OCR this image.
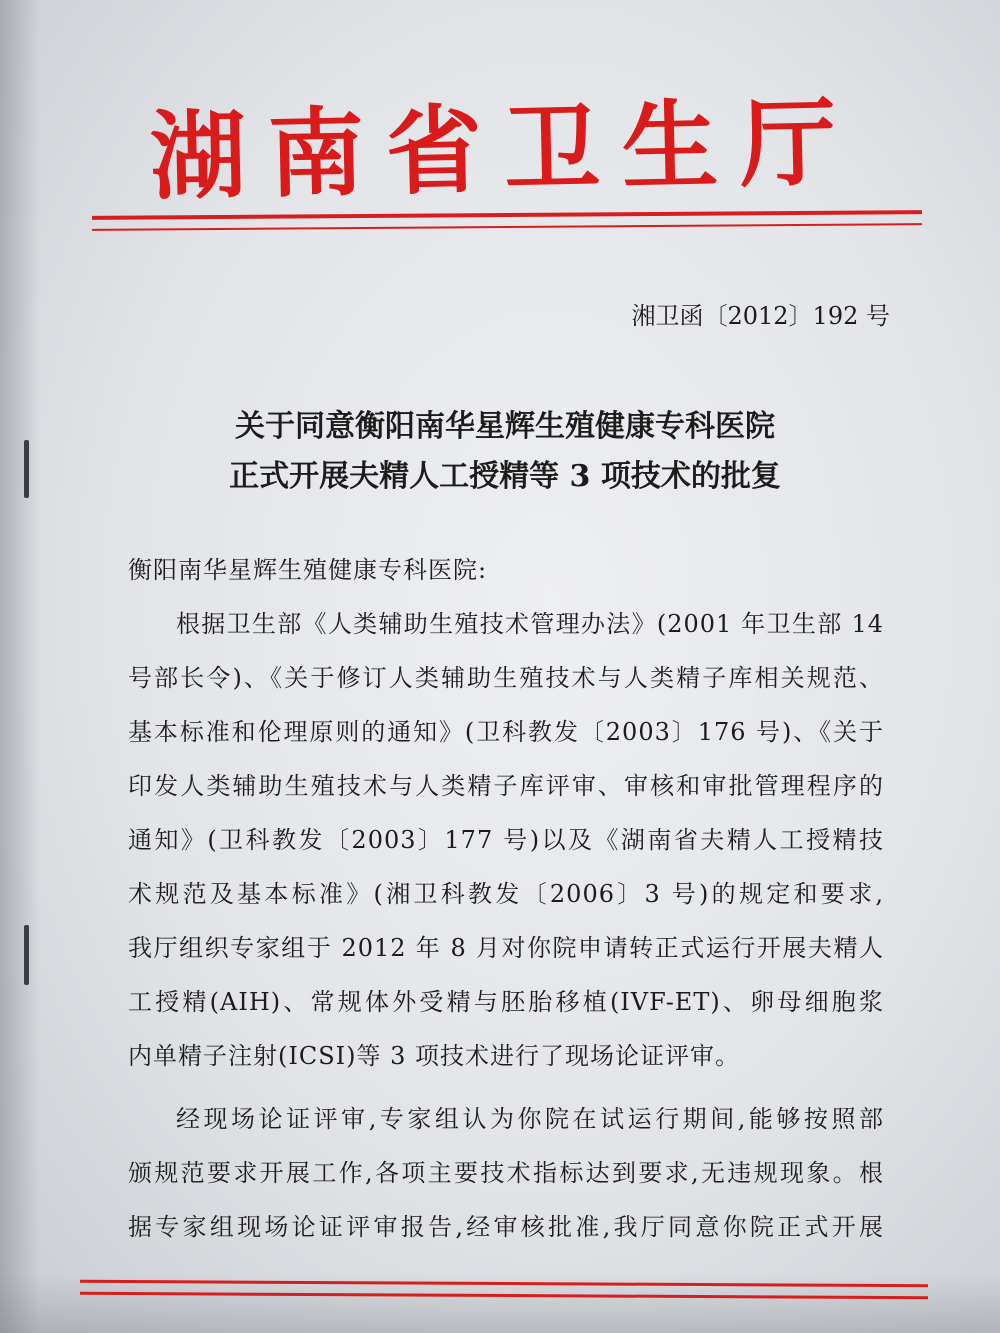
湖南省卫生厅
湘卫函〔2012〕192 号
关于同意衡阳南华星辉生殖健康专科医院
正式开展夫精人工授精等 3 项技术的批复
衡阳南华星辉生殖健康专科医院:
根据卫生部《人类辅助生殖技术管理办法》(2001 年卫生部 14
号部长令)、《关于修订人类辅助生殖技术与人类精子库相关规范、
基本标准和伦理原则的通知》(卫科教发〔2003〕176 号)、《关于
印发人类辅助生殖技术与人类精子库评审、审核和审批管理程序的
通知》(卫科教发〔2003〕177 号)以及《湖南省夫精人工授精技
术规范及基本标准》(湘卫科教发〔2006〕3 号)的规定和要求,
我厅组织专家组于 2012 年 8 月对你院申请转正式运行开展夫精人
工授精(AIH)、常规体外受精与胚胎移植(IVF-ET)、卵母细胞浆
内单精子注射(ICSI)等 3 项技术进行了现场论证评审。
经现场论证评审,专家组认为你院在试运行期间,能够按照部
颁规范要求开展工作,各项主要技术指标达到要求,无违规现象。根
据专家组现场论证评审报告,经审核批准,我厅同意你院正式开展
